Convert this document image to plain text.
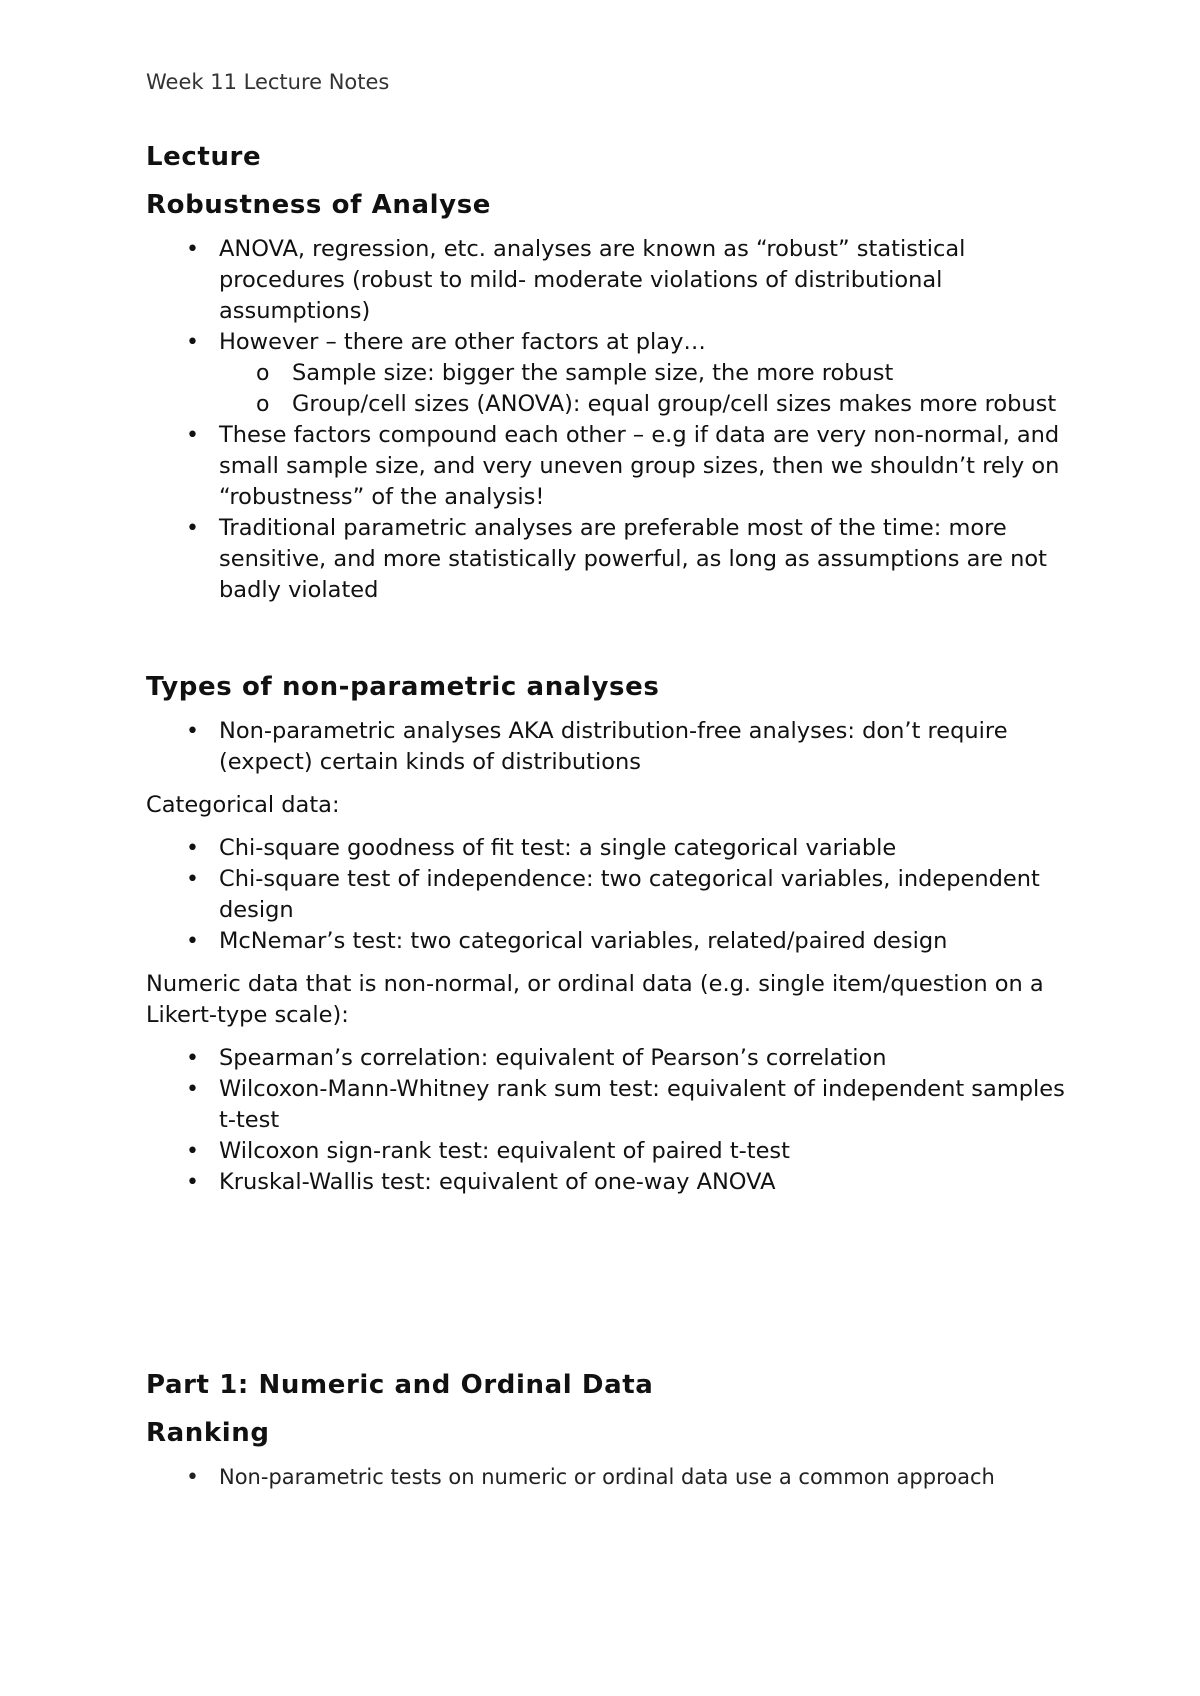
Week 11 Lecture Notes
Lecture
Robustness of Analyse
• ANOVA, regression, etc. analyses are known as “robust” statistical procedures (robust to mild- moderate violations of distributional assumptions)
• However – there are other factors at play…
o Sample size: bigger the sample size, the more robust
o Group/cell sizes (ANOVA): equal group/cell sizes makes more robust
• These factors compound each other – e.g if data are very non-normal, and small sample size, and very uneven group sizes, then we shouldn’t rely on “robustness” of the analysis!
• Traditional parametric analyses are preferable most of the time: more sensitive, and more statistically powerful, as long as assumptions are not badly violated
Types of non-parametric analyses
• Non-parametric analyses AKA distribution-free analyses: don’t require (expect) certain kinds of distributions

Categorical data:

• Chi-square goodness of fit test: a single categorical variable
• Chi-square test of independence: two categorical variables, independent design
• McNemar’s test: two categorical variables, related/paired design

Numeric data that is non-normal, or ordinal data (e.g. single item/question on a Likert-type scale):

• Spearman’s correlation: equivalent of Pearson’s correlation
• Wilcoxon-Mann-Whitney rank sum test: equivalent of independent samples t-test
• Wilcoxon sign-rank test: equivalent of paired t-test
• Kruskal-Wallis test: equivalent of one-way ANOVA
Part 1: Numeric and Ordinal Data
Ranking
• Non-parametric tests on numeric or ordinal data use a common approach
